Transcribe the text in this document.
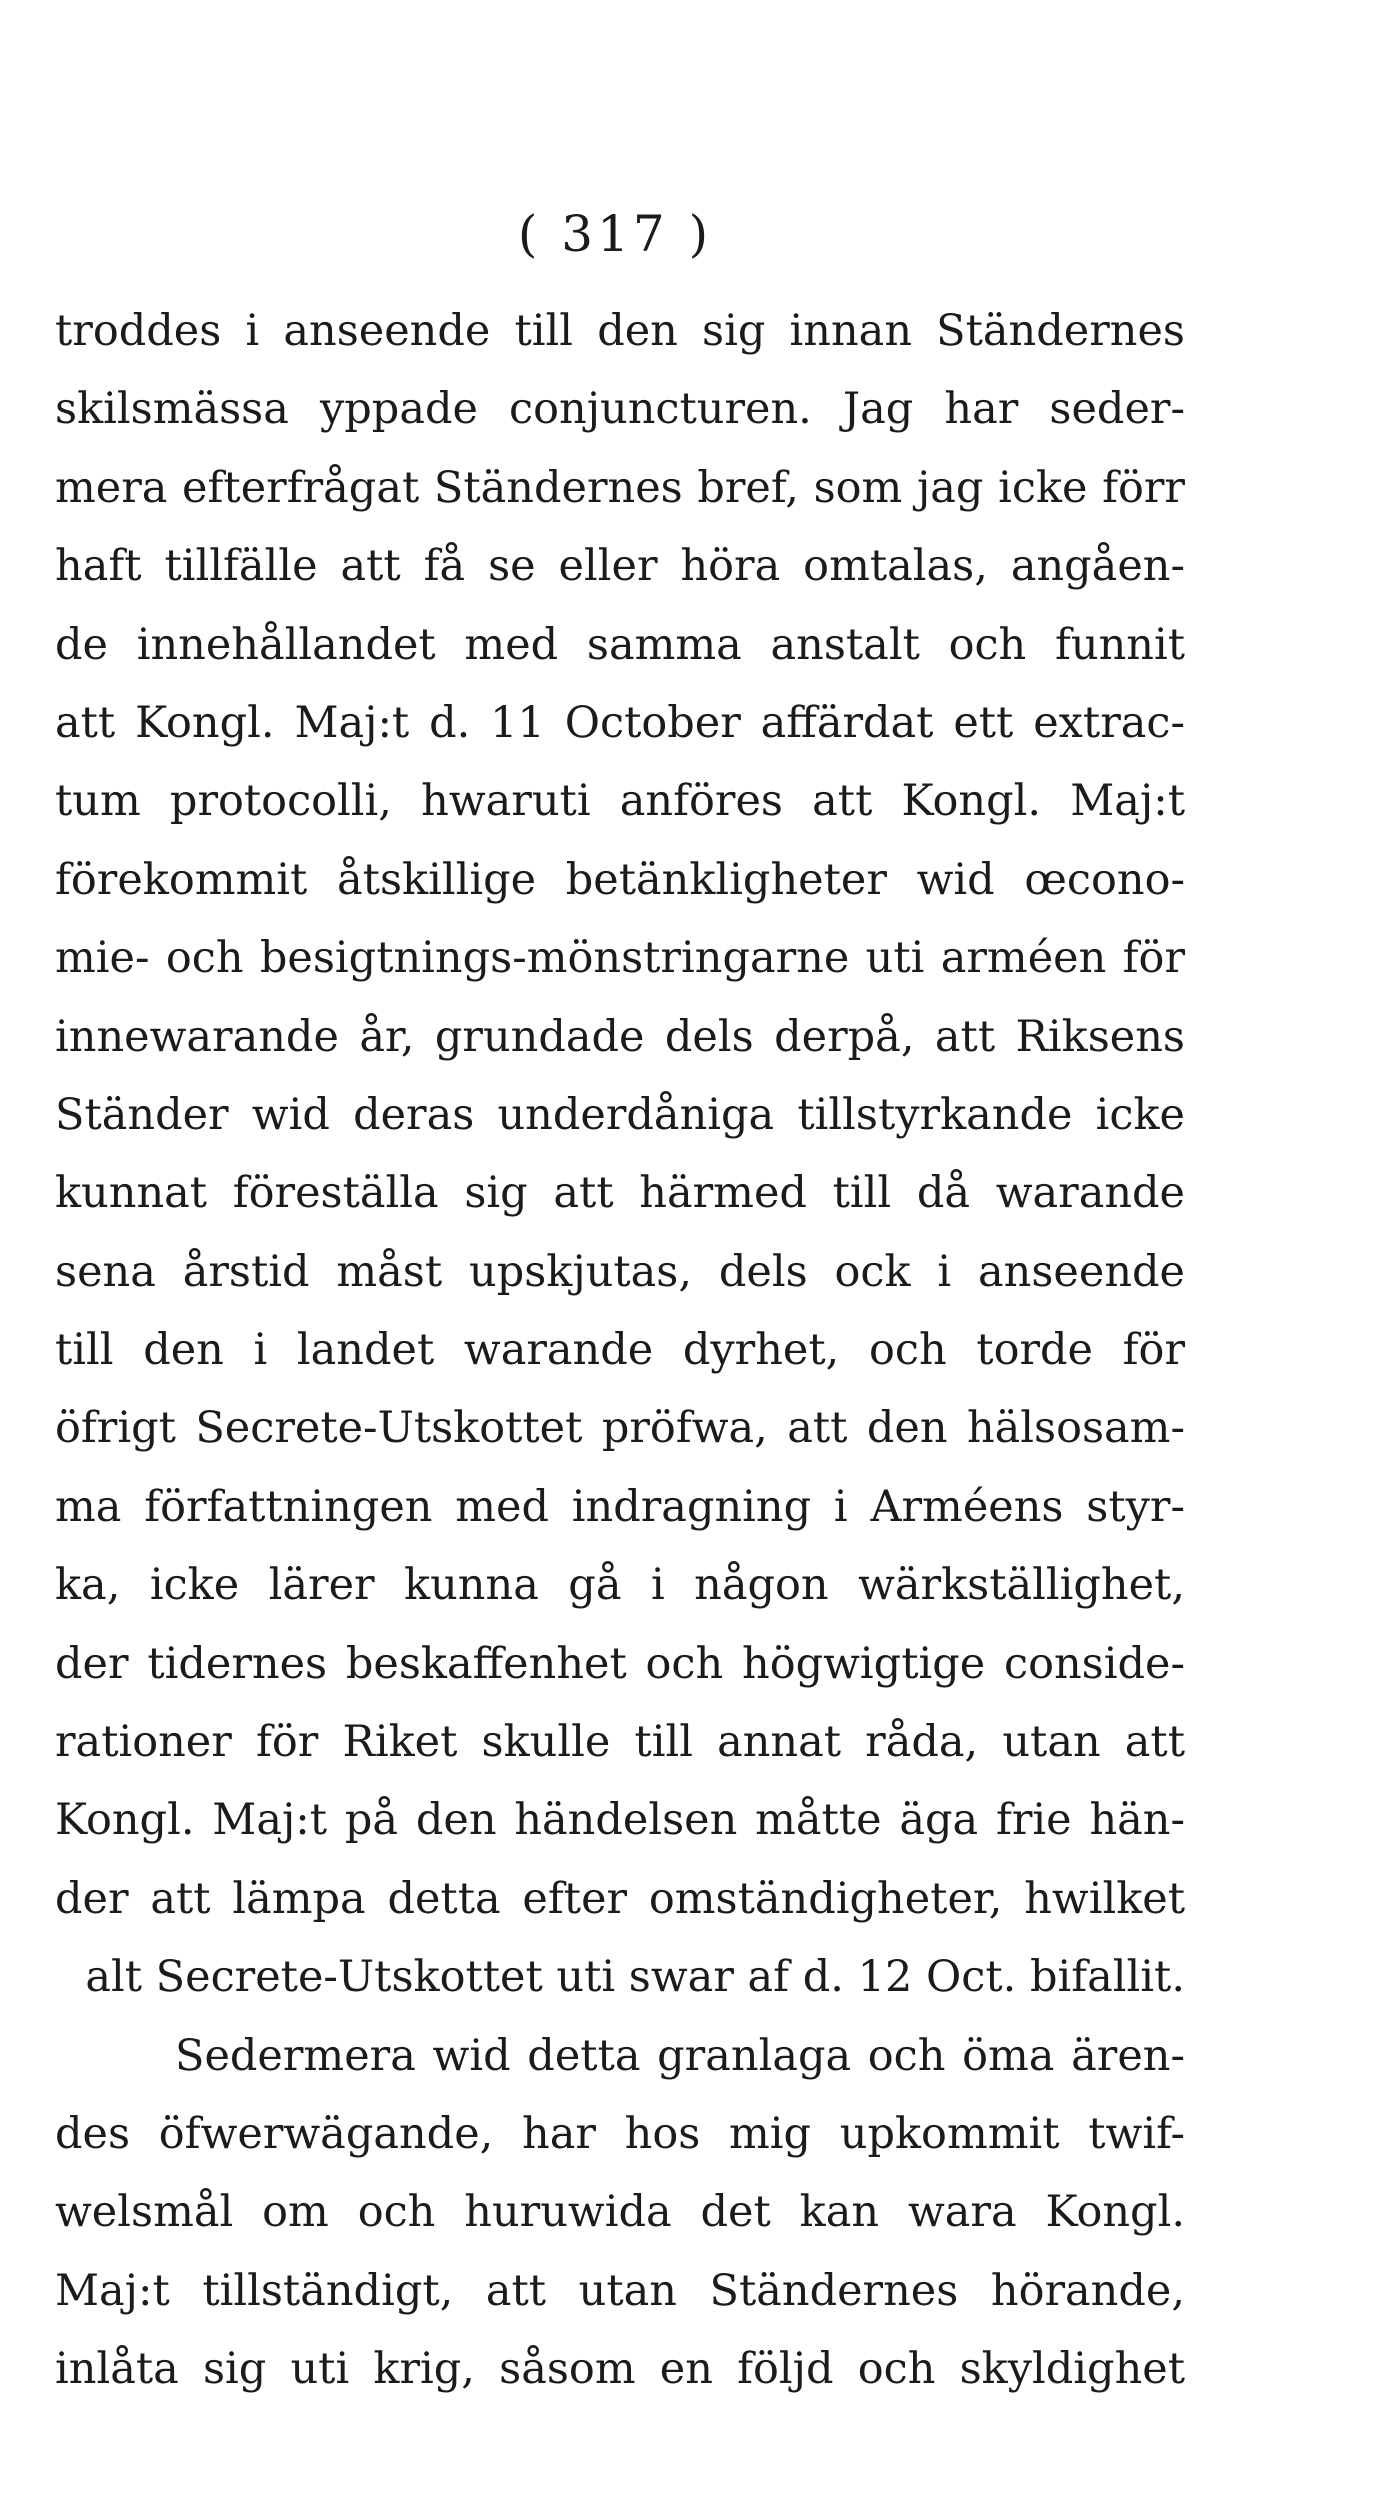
( 317 )
troddes i anseende till den sig innan Ständernes
skilsmässa yppade conjuncturen. Jag har seder-
mera efterfrågat Ständernes bref, som jag icke förr
haft tillfälle att få se eller höra omtalas, angåen-
de innehållandet med samma anstalt och funnit
att Kongl. Maj:t d. 11 October affärdat ett extrac-
tum protocolli, hwaruti anföres att Kongl. Maj:t
förekommit åtskillige betänkligheter wid œcono-
mie- och besigtnings-mönstringarne uti arméen för
innewarande år, grundade dels derpå, att Riksens
Ständer wid deras underdåniga tillstyrkande icke
kunnat föreställa sig att härmed till då warande
sena årstid måst upskjutas, dels ock i anseende
till den i landet warande dyrhet, och torde för
öfrigt Secrete-Utskottet pröfwa, att den hälsosam-
ma författningen med indragning i Arméens styr-
ka, icke lärer kunna gå i någon wärkställighet,
der tidernes beskaffenhet och högwigtige conside-
rationer för Riket skulle till annat råda, utan att
Kongl. Maj:t på den händelsen måtte äga frie hän-
der att lämpa detta efter omständigheter, hwilket
alt Secrete-Utskottet uti swar af d. 12 Oct. bifallit.
Sedermera wid detta granlaga och öma ären-
des öfwerwägande, har hos mig upkommit twif-
welsmål om och huruwida det kan wara Kongl.
Maj:t tillständigt, att utan Ständernes hörande,
inlåta sig uti krig, såsom en följd och skyldighet
